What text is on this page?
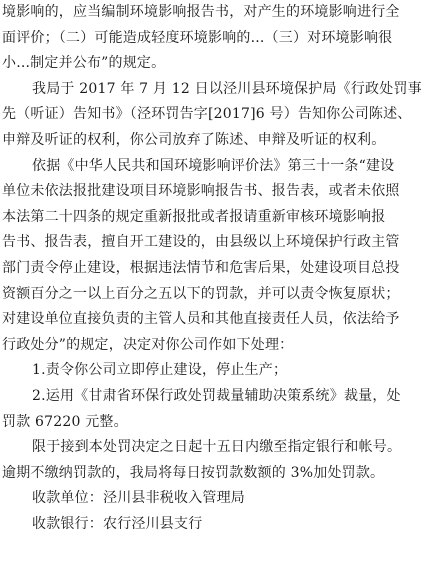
境影响的，应当编制环境影响报告书，对产生的环境影响进行全
面评价；（二）可能造成轻度环境影响的...（三）对环境影响很
小...制定并公布”的规定。
我局于 2017 年 7 月 12 日以泾川县环境保护局《行政处罚事
先（听证）告知书》（泾环罚告字[2017]6 号）告知你公司陈述、
申辩及听证的权利，你公司放弃了陈述、申辩及听证的权利。
依据《中华人民共和国环境影响评价法》第三十一条“建设
单位未依法报批建设项目环境影响报告书、报告表，或者未依照
本法第二十四条的规定重新报批或者报请重新审核环境影响报
告书、报告表，擅自开工建设的，由县级以上环境保护行政主管
部门责令停止建设，根据违法情节和危害后果，处建设项目总投
资额百分之一以上百分之五以下的罚款，并可以责令恢复原状；
对建设单位直接负责的主管人员和其他直接责任人员，依法给予
行政处分”的规定，决定对你公司作如下处理：
1.责令你公司立即停止建设，停止生产；
2.运用《甘肃省环保行政处罚裁量辅助决策系统》裁量，处
罚款 67220 元整。
限于接到本处罚决定之日起十五日内缴至指定银行和帐号。
逾期不缴纳罚款的，我局将每日按罚款数额的 3%加处罚款。
收款单位：泾川县非税收入管理局
收款银行：农行泾川县支行
